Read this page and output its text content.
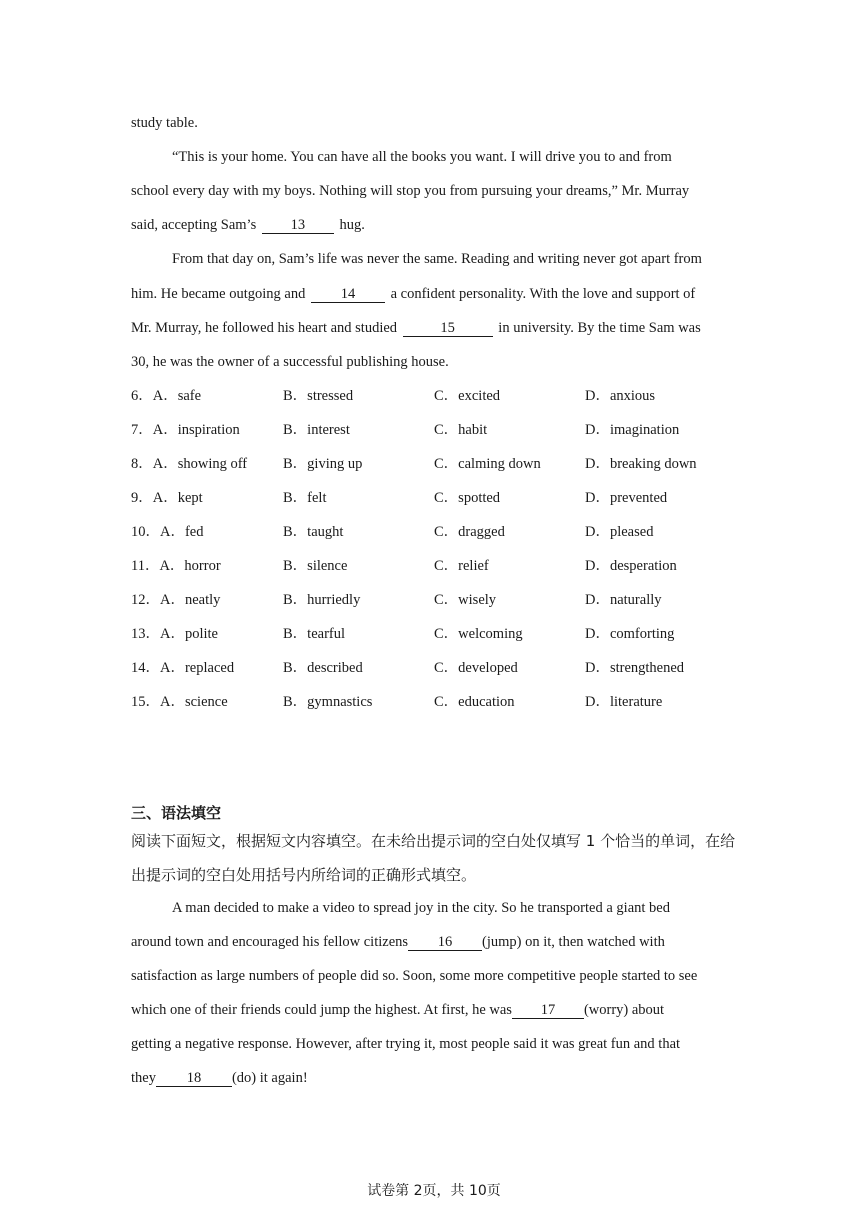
study table.
“This is your home. You can have all the books you want. I will drive you to and from
school every day with my boys. Nothing will stop you from pursuing your dreams,” Mr. Murray
said, accepting Sam’s 13 hug.
From that day on, Sam’s life was never the same. Reading and writing never got apart from
him. He became outgoing and 14 a confident personality. With the love and support of
Mr. Murray, he followed his heart and studied	15	in university. By the time Sam was
30, he was the owner of a successful publishing house.
6．A．safe	B．stressed	C．excited	D．anxious
7．A．inspiration	B．interest	C．habit	D．imagination
8．A．showing off B．giving up	C．calming down	D．breaking down
9．A．kept	B．felt	C．spotted	D．prevented
10．A．fed	B．taught	C．dragged	D．pleased
11．A．horror	B．silence	C．relief	D．desperation
12．A．neatly	B．hurriedly	C．wisely	D．naturally
13．A．polite	B．tearful	C．welcoming	D．comforting
14．A．replaced	B．described	C．developed	D．strengthened
15．A．science	B．gymnastics	C．education	D．literature
三、语法填空
阅读下面短文，根据短文内容填空。在未给出提示词的空白处仅填写 1 个恰当的单词，在给
出提示词的空白处用括号内所给词的正确形式填空。
A man decided to make a video to spread joy in the city. So he transported a giant bed
around town and encouraged his fellow citizens 16 (jump) on it, then watched with
satisfaction as large numbers of people did so. Soon, some more competitive people started to see
which one of their friends could jump the highest. At first, he was 17 (worry) about
getting a negative response. However, after trying it, most people said it was great fun and that
they 18 (do) it again!
试卷第 2页，共 10页
